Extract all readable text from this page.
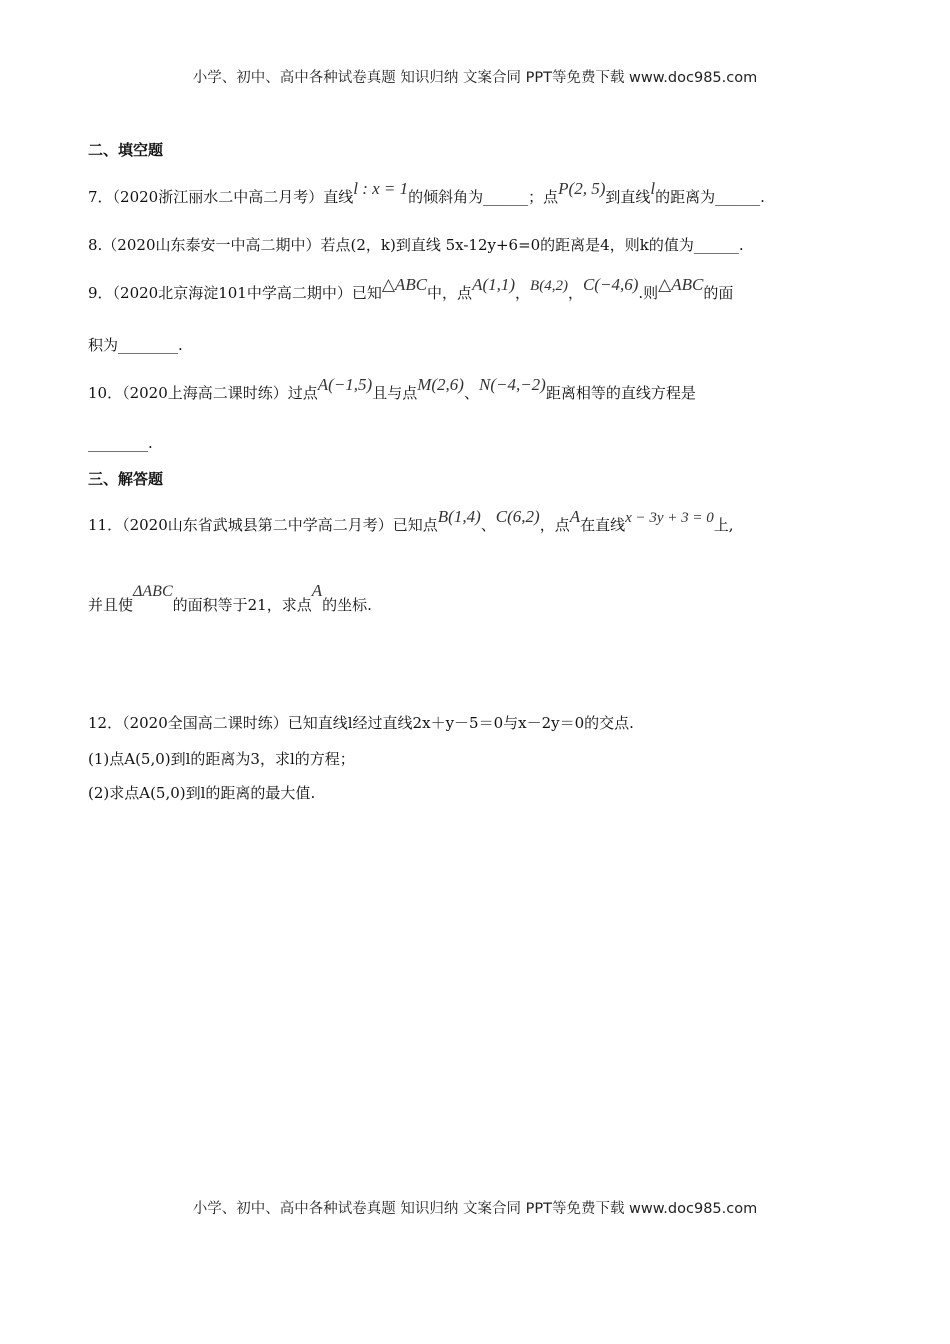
小学、初中、高中各种试卷真题 知识归纳 文案合同 PPT等免费下载 www.doc985.com
二、填空题
7．（2020浙江丽水二中高二月考）直线l : x = 1的倾斜角为______；点P(2, 5)到直线l的距离为______.
8.（2020山东泰安一中高二期中）若点(2，k)到直线 5x-12y+6=0的距离是4，则k的值为______.
9．（2020北京海淀101中学高二期中）已知△ABC中，点A(1,1)，B(4,2)，C(−4,6).则△ABC的面
积为________.
10．（2020上海高二课时练）过点A(−1,5)且与点M(2,6)、N(−4,−2)距离相等的直线方程是
________.
三、解答题
11．（2020山东省武城县第二中学高二月考）已知点B(1,4)、C(6,2)，点A在直线x − 3y + 3 = 0上,
并且使ΔABC的面积等于21，求点A的坐标.
12．（2020全国高二课时练）已知直线l经过直线2x＋y－5＝0与x－2y＝0的交点.
(1)点A(5,0)到l的距离为3，求l的方程；
(2)求点A(5,0)到l的距离的最大值.
小学、初中、高中各种试卷真题 知识归纳 文案合同 PPT等免费下载 www.doc985.com
